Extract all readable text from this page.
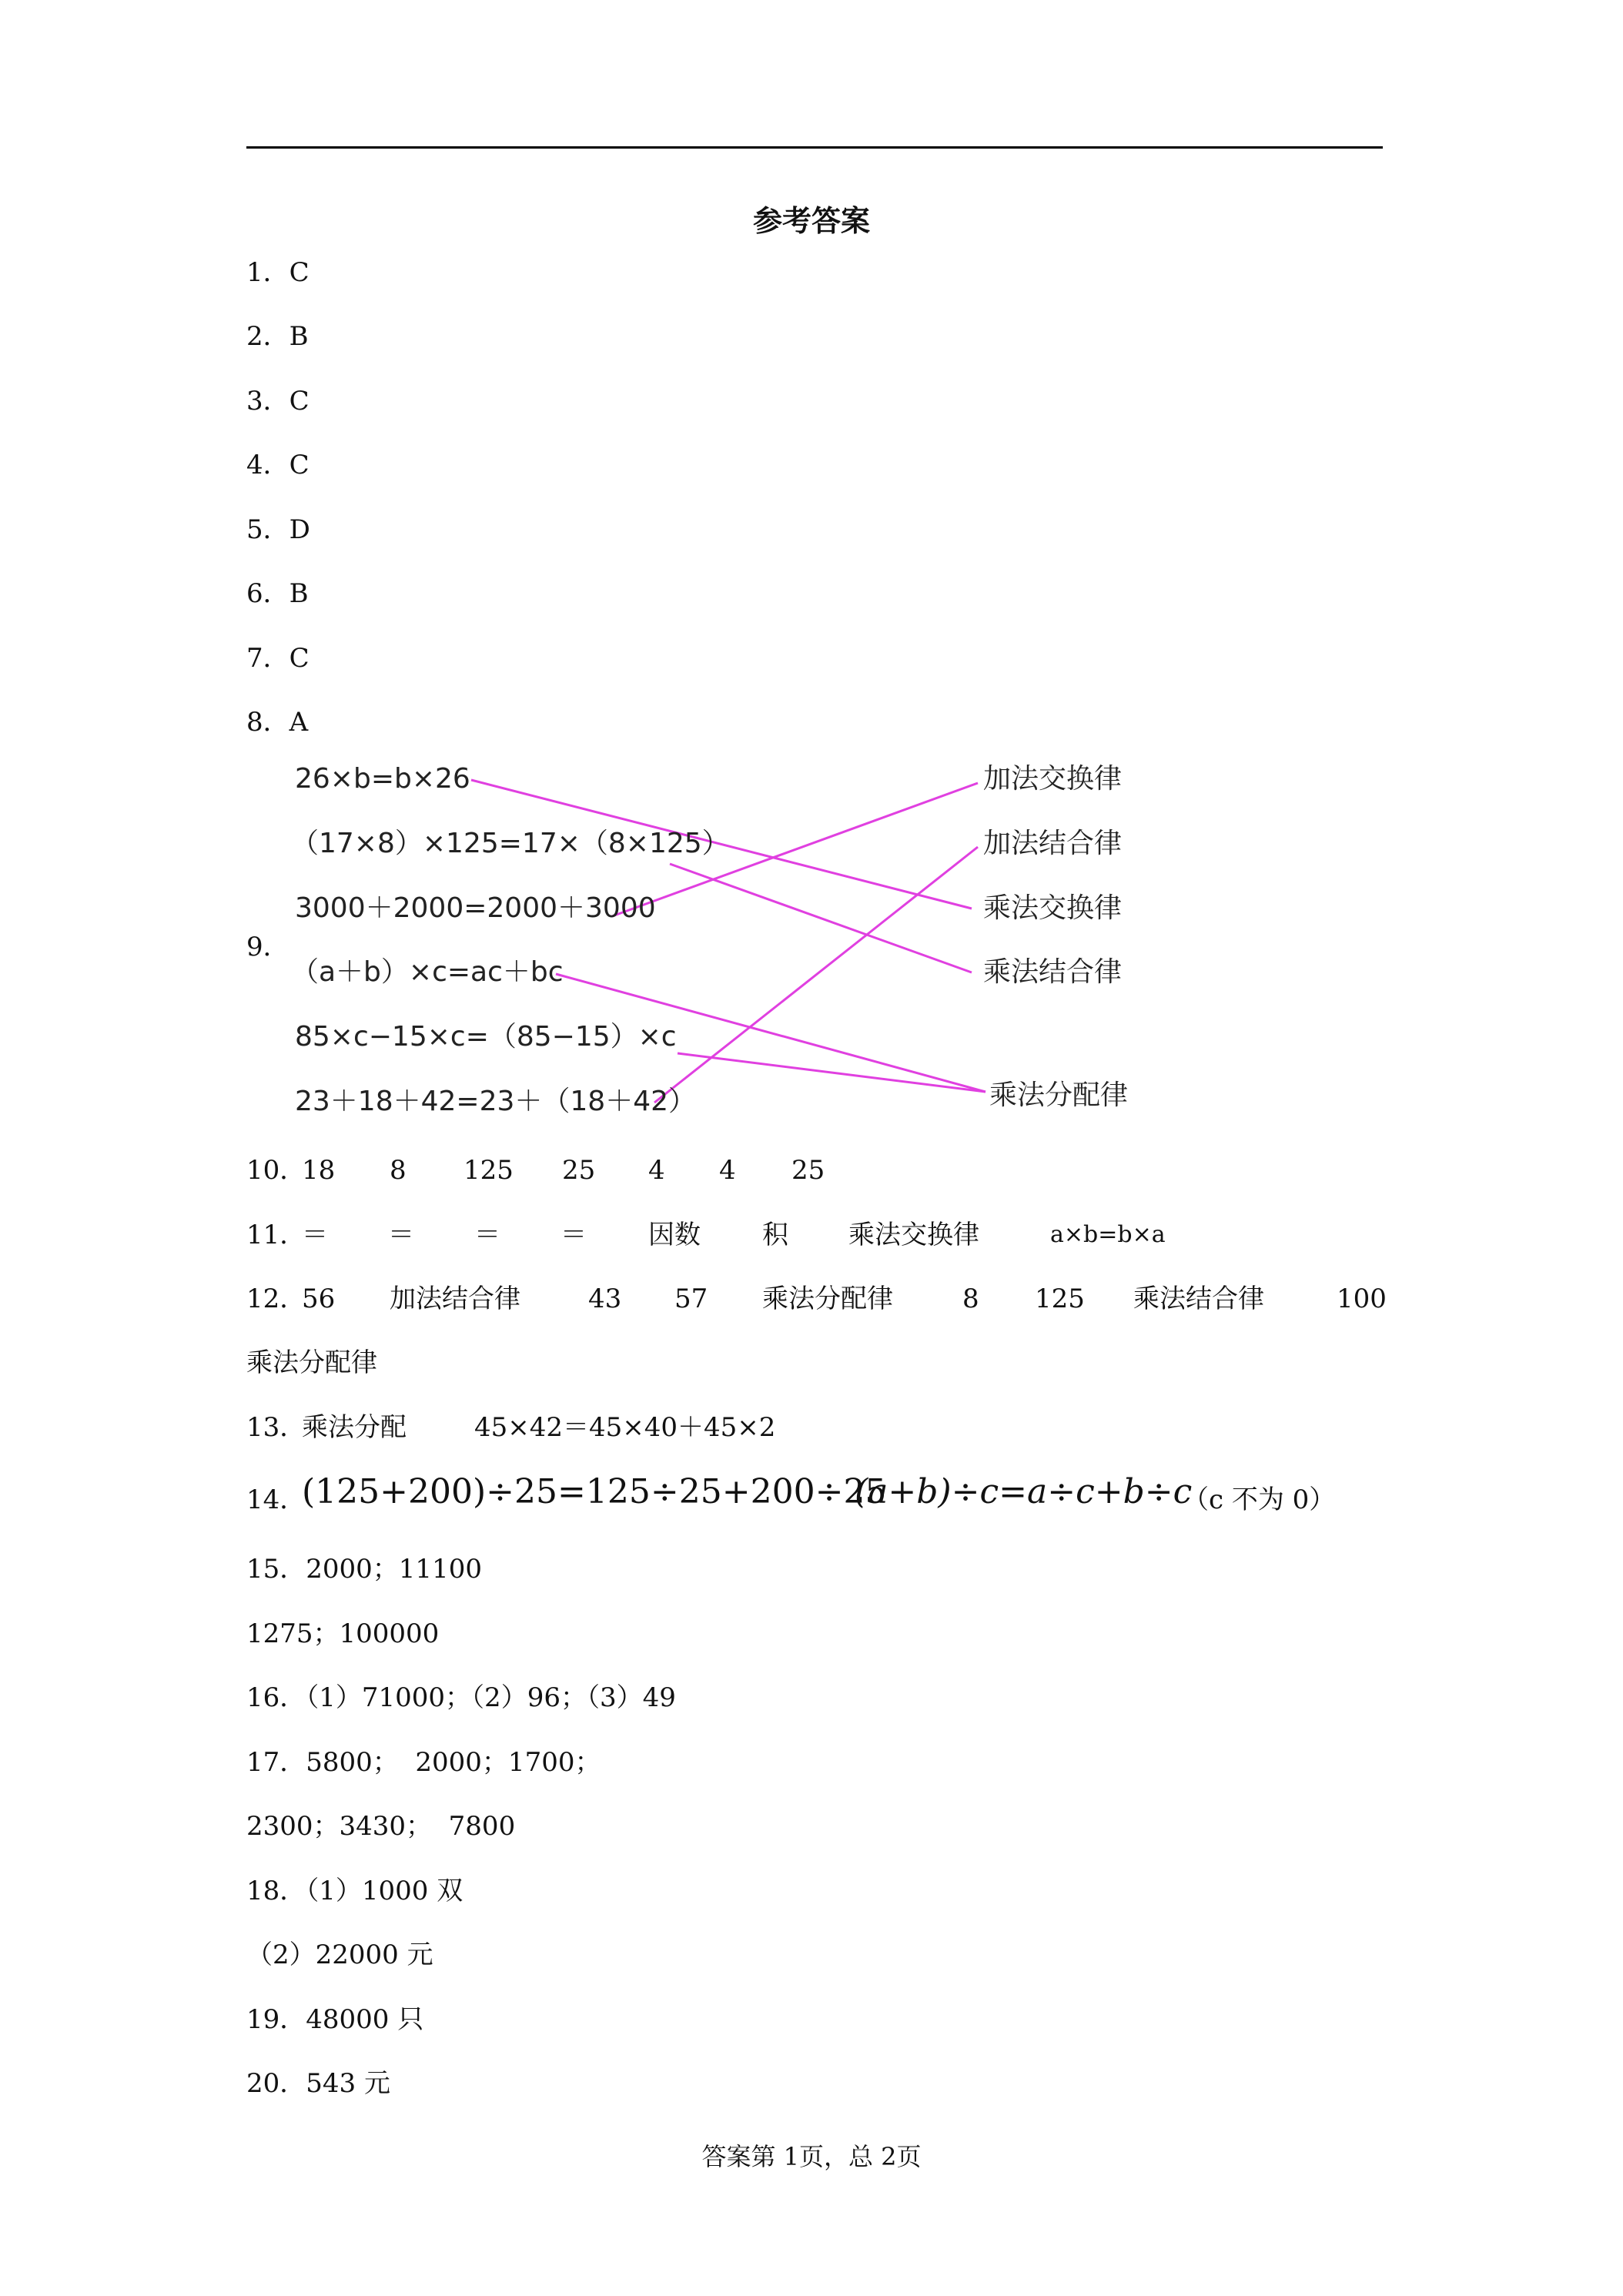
参考答案
1．C
2．B
3．C
4．C
5．D
6．B
7．C
8．A
9．
26×b=b×26
（17×8）×125=17×（8×125）
3000＋2000=2000＋3000
（a＋b）×c=ac＋bc
85×c−15×c=（85−15）×c
23＋18＋42=23＋（18＋42）
加法交换律
加法结合律
乘法交换律
乘法结合律
乘法分配律
10．
18 8 125 25 4 4 25
11．
＝ ＝ ＝ ＝ 因数 积 乘法交换律	a×b=b×a
12．
56 加法结合律	43 57 乘法分配律	8 125 乘法结合律	100
乘法分配律
13．
乘法分配	45×42＝45×40＋45×2
14．
(125+200)÷25=125÷25+200÷25
(a+b)÷c=a÷c+b÷c
（c 不为 0）
15．2000；11100
1275；100000
16．（1）71000；（2）96；（3）49
17．5800；  2000；1700；
2300；3430；  7800
18．（1）1000 双
（2）22000 元
19．48000 只
20．543 元
答案第 1页，总 2页
